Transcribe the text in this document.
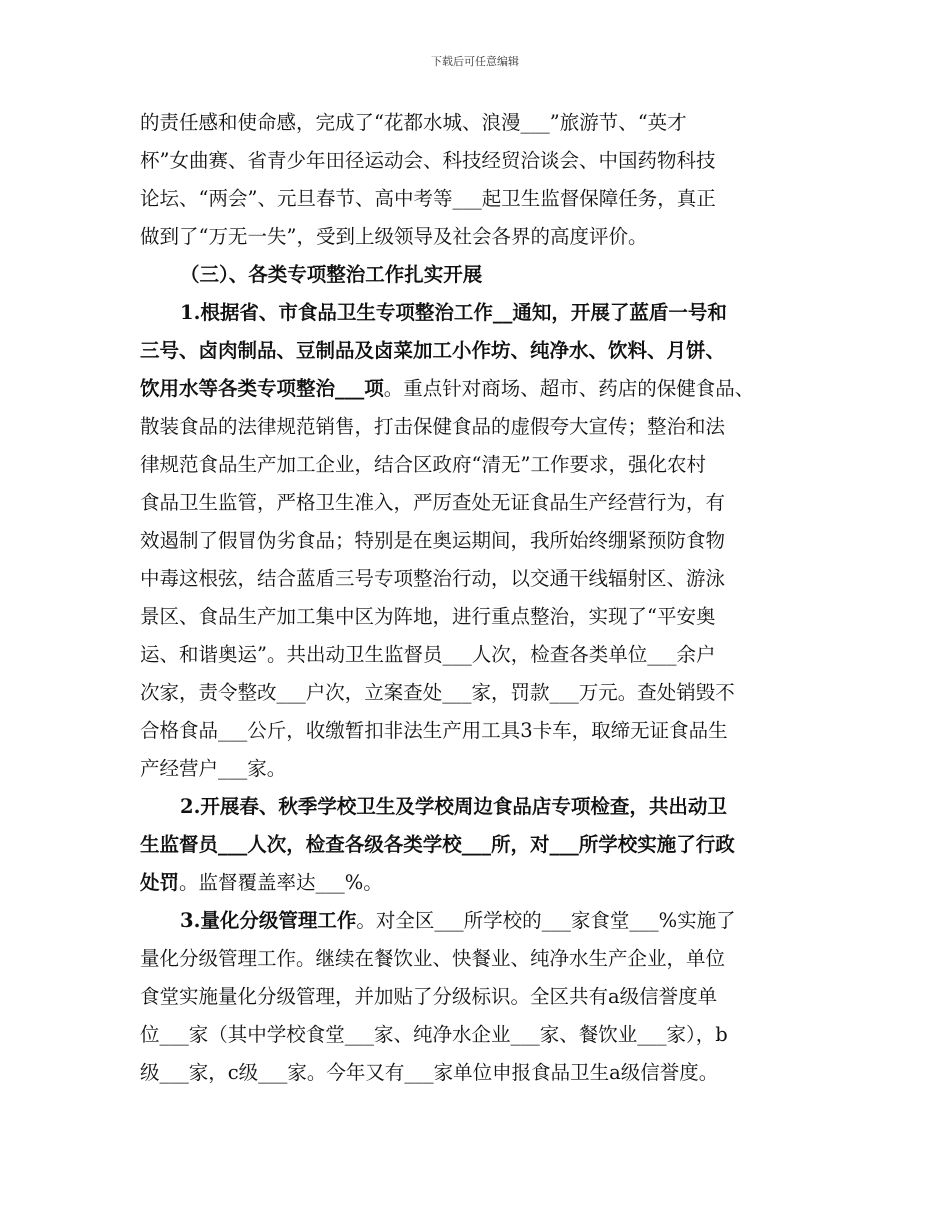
下载后可任意编辑
的责任感和使命感，完成了“花都水城、浪漫___”旅游节、“英才
杯”女曲赛、省青少年田径运动会、科技经贸洽谈会、中国药物科技
论坛、“两会”、元旦春节、高中考等___起卫生监督保障任务，真正
做到了“万无一失”，受到上级领导及社会各界的高度评价。
（三）、各类专项整治工作扎实开展
1.根据省、市食品卫生专项整治工作__通知，开展了蓝盾一号和
三号、卤肉制品、豆制品及卤菜加工小作坊、纯净水、饮料、月饼、
饮用水等各类专项整治___项。重点针对商场、超市、药店的保健食品、
散装食品的法律规范销售，打击保健食品的虚假夸大宣传；整治和法
律规范食品生产加工企业，结合区政府“清无”工作要求，强化农村
食品卫生监管，严格卫生准入，严厉查处无证食品生产经营行为，有
效遏制了假冒伪劣食品；特别是在奥运期间，我所始终绷紧预防食物
中毒这根弦，结合蓝盾三号专项整治行动，以交通干线辐射区、游泳
景区、食品生产加工集中区为阵地，进行重点整治，实现了“平安奥
运、和谐奥运”。共出动卫生监督员___人次，检查各类单位___余户
次家，责令整改___户次，立案查处___家，罚款___万元。查处销毁不
合格食品___公斤，收缴暂扣非法生产用工具3卡车，取缔无证食品生
产经营户___家。
2.开展春、秋季学校卫生及学校周边食品店专项检查，共出动卫
生监督员___人次，检查各级各类学校___所，对___所学校实施了行政
处罚。监督覆盖率达___%。
3.量化分级管理工作。对全区___所学校的___家食堂___%实施了
量化分级管理工作。继续在餐饮业、快餐业、纯净水生产企业，单位
食堂实施量化分级管理，并加贴了分级标识。全区共有a级信誉度单
位___家（其中学校食堂___家、纯净水企业___家、餐饮业___家），b
级___家，c级___家。今年又有___家单位申报食品卫生a级信誉度。
